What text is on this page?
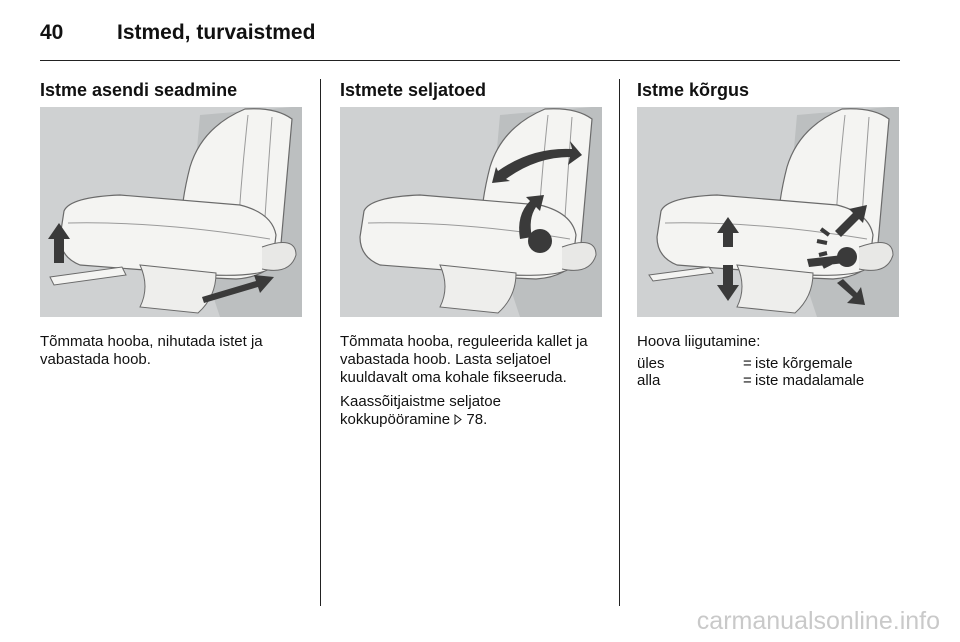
40	Istmed, turvaistmed
Istme asendi seadmine

Tõmmata hooba, nihutada istet ja vabastada hoob.

Istmete seljatoed

Tõmmata hooba, reguleerida kallet ja vabastada hoob. Lasta seljatoel kuuldavalt oma kohale fikseeruda.

Kaassõitjaistme seljatoe kokkupööramine  78.

Istme kõrgus

Hoova liigutamine:

üles	= iste kõrgemale
alla	= iste madalamale
carmanualsonline.info
